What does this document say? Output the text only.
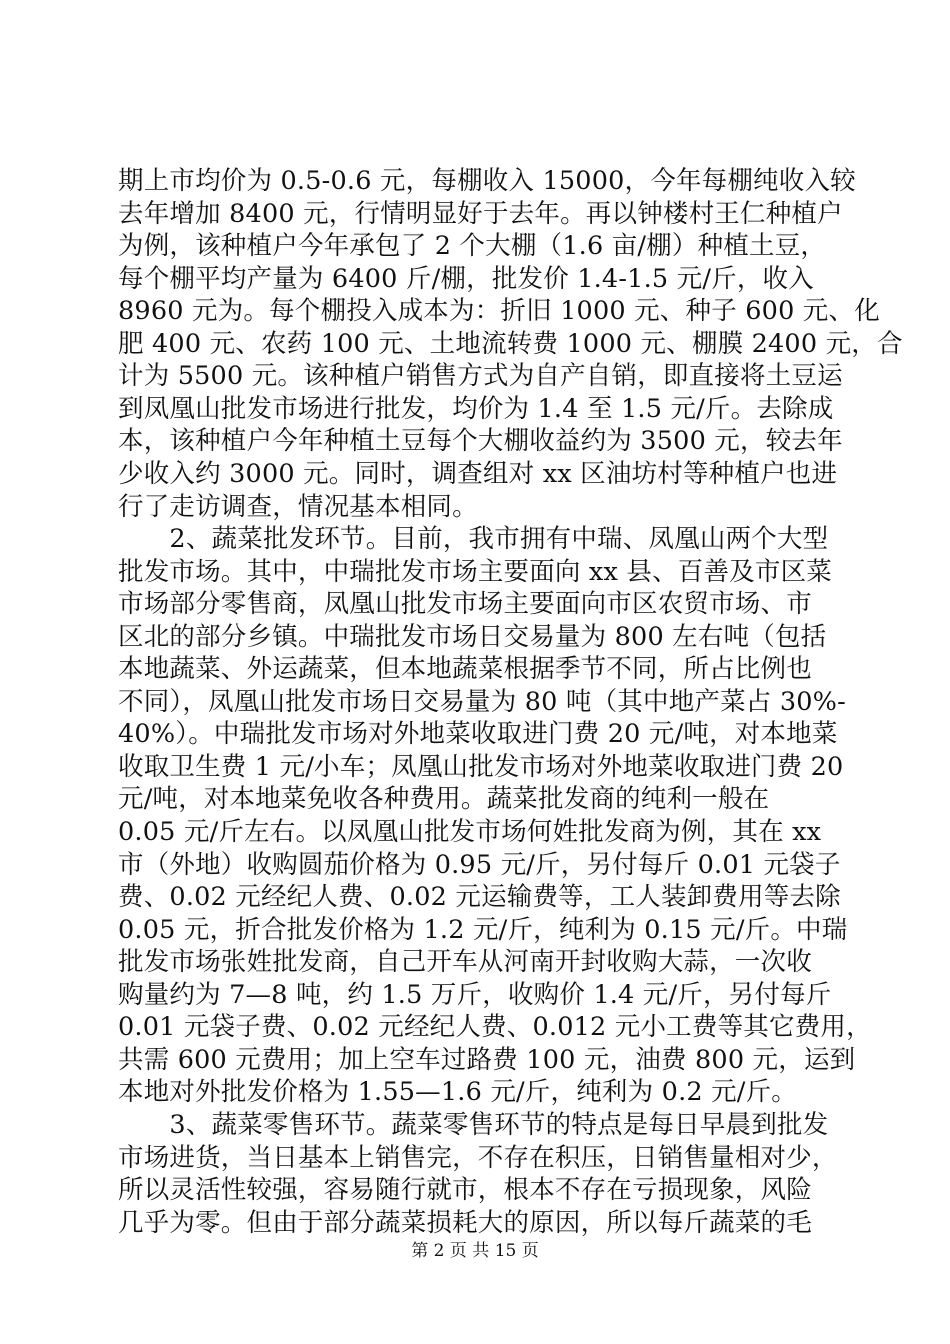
期上市均价为 0.5-0.6 元，每棚收入 15000，今年每棚纯收入较
去年增加 8400 元，行情明显好于去年。再以钟楼村王仁种植户
为例，该种植户今年承包了 2 个大棚（1.6 亩/棚）种植土豆，
每个棚平均产量为 6400 斤/棚，批发价 1.4-1.5 元/斤，收入
8960 元为。每个棚投入成本为：折旧 1000 元、种子 600 元、化
肥 400 元、农药 100 元、土地流转费 1000 元、棚膜 2400 元，合
计为 5500 元。该种植户销售方式为自产自销，即直接将土豆运
到凤凰山批发市场进行批发，均价为 1.4 至 1.5 元/斤。去除成
本，该种植户今年种植土豆每个大棚收益约为 3500 元，较去年
少收入约 3000 元。同时，调查组对 xx 区油坊村等种植户也进
行了走访调查，情况基本相同。
　　2、蔬菜批发环节。目前，我市拥有中瑞、凤凰山两个大型
批发市场。其中，中瑞批发市场主要面向 xx 县、百善及市区菜
市场部分零售商，凤凰山批发市场主要面向市区农贸市场、市
区北的部分乡镇。中瑞批发市场日交易量为 800 左右吨（包括
本地蔬菜、外运蔬菜，但本地蔬菜根据季节不同，所占比例也
不同），凤凰山批发市场日交易量为 80 吨（其中地产菜占 30%-
40%）。中瑞批发市场对外地菜收取进门费 20 元/吨，对本地菜
收取卫生费 1 元/小车；凤凰山批发市场对外地菜收取进门费 20
元/吨，对本地菜免收各种费用。蔬菜批发商的纯利一般在
0.05 元/斤左右。以凤凰山批发市场何姓批发商为例，其在 xx
市（外地）收购圆茄价格为 0.95 元/斤，另付每斤 0.01 元袋子
费、0.02 元经纪人费、0.02 元运输费等，工人装卸费用等去除
0.05 元，折合批发价格为 1.2 元/斤，纯利为 0.15 元/斤。中瑞
批发市场张姓批发商，自己开车从河南开封收购大蒜，一次收
购量约为 7—8 吨，约 1.5 万斤，收购价 1.4 元/斤，另付每斤
0.01 元袋子费、0.02 元经纪人费、0.012 元小工费等其它费用，
共需 600 元费用；加上空车过路费 100 元，油费 800 元，运到
本地对外批发价格为 1.55—1.6 元/斤，纯利为 0.2 元/斤。
　　3、蔬菜零售环节。蔬菜零售环节的特点是每日早晨到批发
市场进货，当日基本上销售完，不存在积压，日销售量相对少，
所以灵活性较强，容易随行就市，根本不存在亏损现象，风险
几乎为零。但由于部分蔬菜损耗大的原因，所以每斤蔬菜的毛
第 2 页 共 15 页
